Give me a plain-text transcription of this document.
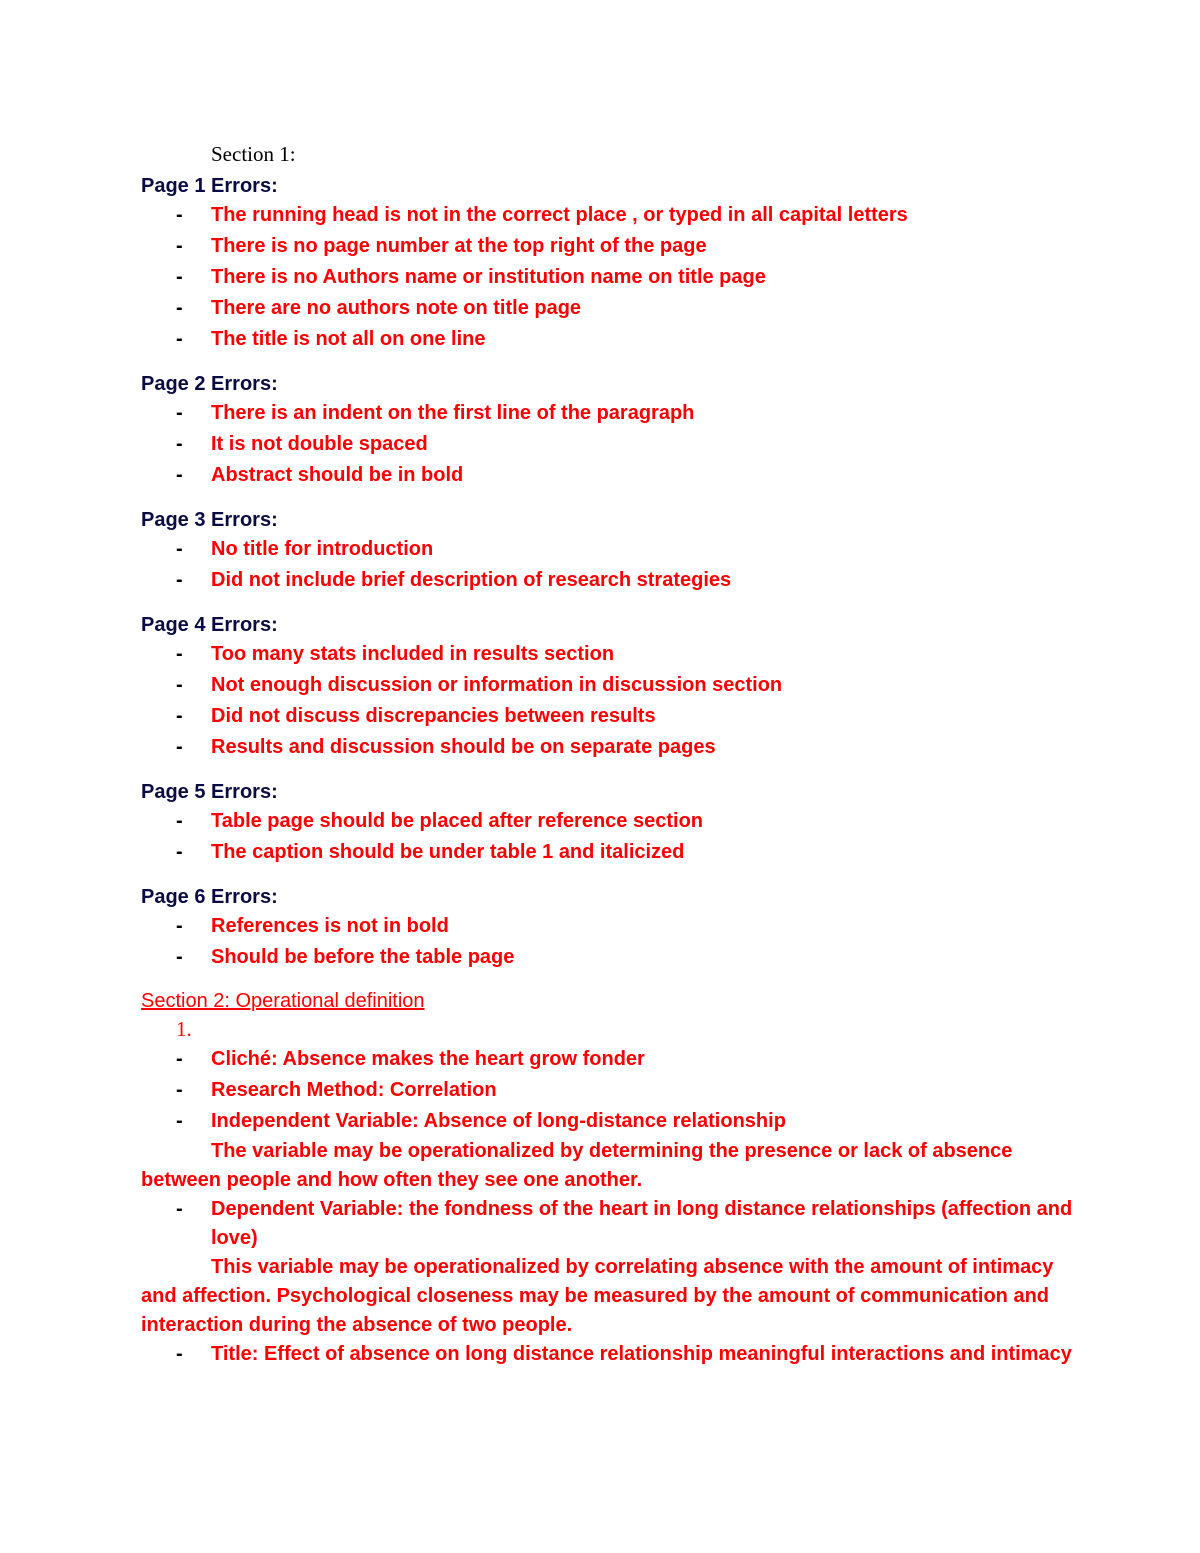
Section 1:
Page 1 Errors:
- The running head is not in the correct place , or typed in all capital letters
- There is no page number at the top right of the page
- There is no Authors name or institution name on title page
- There are no authors note on title page
- The title is not all on one line
Page 2 Errors:
- There is an indent on the first line of the paragraph
- It is not double spaced
- Abstract should be in bold
Page 3 Errors:
- No title for introduction
- Did not include brief description of research strategies
Page 4 Errors:
- Too many stats included in results section
- Not enough discussion or information in discussion section
- Did not discuss discrepancies between results
- Results and discussion should be on separate pages
Page 5 Errors:
- Table page should be placed after reference section
- The caption should be under table 1 and italicized
Page 6 Errors:
- References is not in bold
- Should be before the table page
Section 2: Operational definition
1.
- Cliché: Absence makes the heart grow fonder
- Research Method: Correlation
- Independent Variable: Absence of long-distance relationship

The variable may be operationalized by determining the presence or lack of absence between people and how often they see one another.

- Dependent Variable: the fondness of the heart in long distance relationships (affection and love)

This variable may be operationalized by correlating absence with the amount of intimacy and affection. Psychological closeness may be measured by the amount of communication and interaction during the absence of two people.

- Title: Effect of absence on long distance relationship meaningful interactions and intimacy
